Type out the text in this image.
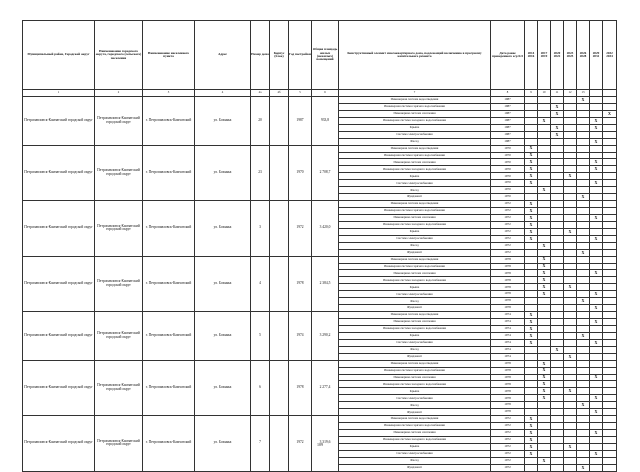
Муниципальный район, Городской округ	Наименование городского округа, городского (сельского) поселения	Наименование населенного пункта	Адрес	Номер дома	Корпус (блок)	Год постройки	Общая площадь жилых (нежилых) помещений	Конструктивный элемент многоквартирного дома, подлежащий включению в программу капитального ремонта	Дата ранее проведенного к/р КЭ	2014 2016	2017 2019	2020 2022	2023 2025	2026 2028	2029 2031	2032 2034
1	2	3	4	4а	4б	5	6	7	8	9	10	11	12	13		
Петропавловск-Камчатский городской округ	Петропавловск-Камчатский городской округ	г. Петропавловск-Камчатский	ул. Бохняка	20		1987	933,8	Инженерная система водоотведения	1987					X		
								Инженерная система горячего водоснабжения	1987			X				
								Инженерная система отопления	1987			X				X
								Инженерная система холодного водоснабжения	1987		X				X	
								Крыша	1987			X			X	
								Система электроснабжения	1987			X				
								Фасад	1987						X	
Петропавловск-Камчатский городской округ	Петропавловск-Камчатский городской округ	г. Петропавловск-Камчатский	ул. Бохняка	23		1970	2 708,7	Инженерная система водоотведения	1970	X						
								Инженерная система горячего водоснабжения	1970	X						
								Инженерная система отопления	1970	X					X	
								Инженерная система холодного водоснабжения	1970	X					X	
								Крыша	1970	X			X			
								Система электроснабжения	1970	X					X	
								Фасад	1970		X					
								Фундамент	1970					X		
Петропавловск-Камчатский городской округ	Петропавловск-Камчатский городской округ	г. Петропавловск-Камчатский	ул. Бохняка	3		1972	3 420,0	Инженерная система водоотведения	1972	X						
								Инженерная система горячего водоснабжения	1972	X						
								Инженерная система отопления	1972	X					X	
								Инженерная система холодного водоснабжения	1972	X						
								Крыша	1972	X			X			
								Система электроснабжения	1972	X					X	
								Фасад	1972		X					
								Фундамент	1972					X		
Петропавловск-Камчатский городской округ	Петропавловск-Камчатский городской округ	г. Петропавловск-Камчатский	ул. Бохняка	4		1978	2 384,5	Инженерная система водоотведения	1978		X					
								Инженерная система горячего водоснабжения	1978		X					
								Инженерная система отопления	1978		X				X	
								Инженерная система холодного водоснабжения	1978		X					
								Крыша	1978		X		X			
								Система электроснабжения	1978		X				X	
								Фасад	1978					X		
								Фундамент	1978						X	
Петропавловск-Камчатский городской округ	Петропавловск-Камчатский городской округ	г. Петропавловск-Камчатский	ул. Бохняка	5		1974	3 290,2	Инженерная система водоотведения	1974	X						
								Инженерная система отопления	1974	X					X	
								Инженерная система холодного водоснабжения	1974	X						
								Крыша	1974	X				X		
								Система электроснабжения	1974	X					X	
								Фасад	1974			X				
								Фундамент	1974				X			
Петропавловск-Камчатский городской округ	Петропавловск-Камчатский городской округ	г. Петропавловск-Камчатский	ул. Бохняка	6		1978	2 277,4	Инженерная система водоотведения	1978		X					
								Инженерная система горячего водоснабжения	1978		X					
								Инженерная система отопления	1978		X				X	
								Инженерная система холодного водоснабжения	1978		X					
								Крыша	1978		X		X			
								Система электроснабжения	1978		X				X	
								Фасад	1978					X		
								Фундамент	1978						X	
Петропавловск-Камчатский городской округ	Петропавловск-Камчатский городской округ	г. Петропавловск-Камчатский	ул. Бохняка	7		1972	3 319,6	Инженерная система водоотведения	1972	X						
								Инженерная система горячего водоснабжения	1972	X						
								Инженерная система отопления	1972	X					X	
								Инженерная система холодного водоснабжения	1972	X						
								Крыша	1972	X			X			
								Система электроснабжения	1972	X					X	
								Фасад	1972		X					
								Фундамент	1972					X		
109
